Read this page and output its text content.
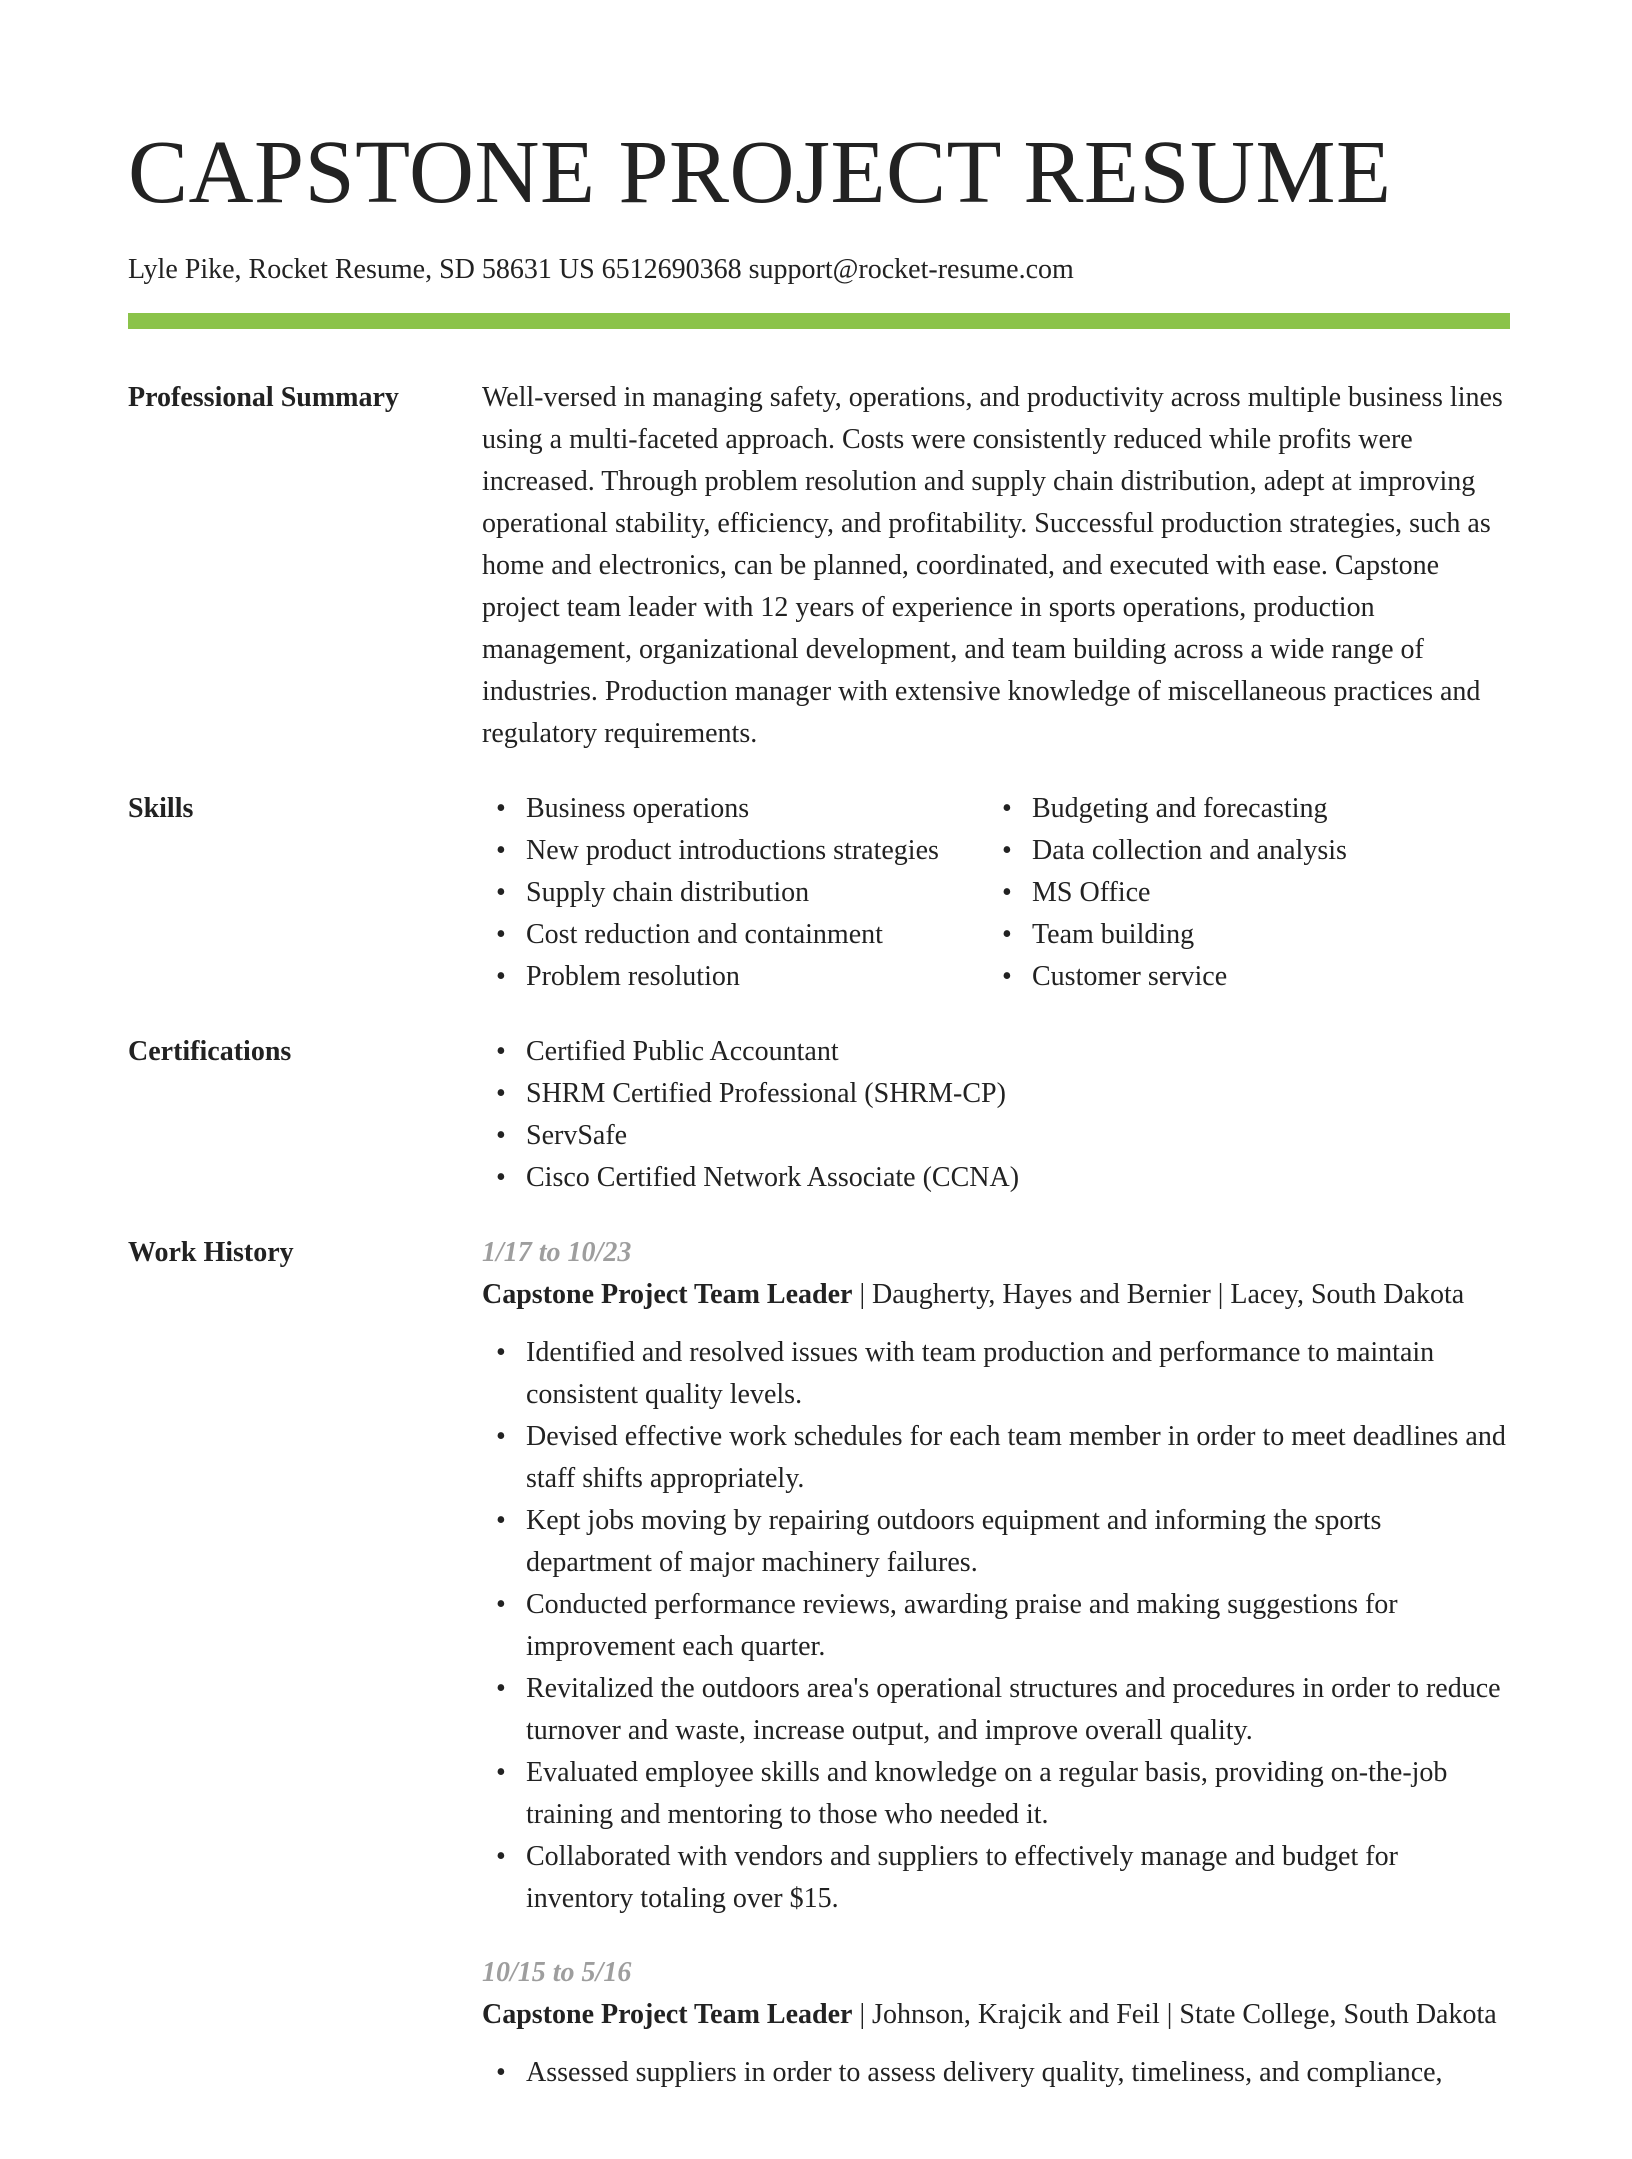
CAPSTONE PROJECT RESUME
Lyle Pike, Rocket Resume, SD 58631 US 6512690368 support@rocket-resume.com
Professional Summary	Well-versed in managing safety, operations, and productivity across multiple business lines using a multi-faceted approach. Costs were consistently reduced while profits were increased. Through problem resolution and supply chain distribution, adept at improving operational stability, efficiency, and profitability. Successful production strategies, such as home and electronics, can be planned, coordinated, and executed with ease. Capstone project team leader with 12 years of experience in sports operations, production management, organizational development, and team building across a wide range of industries. Production manager with extensive knowledge of miscellaneous practices and regulatory requirements.

Skills	• Business operations	• Budgeting and forecasting
• New product introductions strategies	• Data collection and analysis
• Supply chain distribution	• MS Office
• Cost reduction and containment	• Team building
• Problem resolution	• Customer service
Certifications	• Certified Public Accountant
• SHRM Certified Professional (SHRM-CP)
• ServSafe
• Cisco Certified Network Associate (CCNA)
Work History	1/17 to 10/23
Capstone Project Team Leader | Daugherty, Hayes and Bernier | Lacey, South Dakota
• Identified and resolved issues with team production and performance to maintain consistent quality levels.
• Devised effective work schedules for each team member in order to meet deadlines and staff shifts appropriately.
• Kept jobs moving by repairing outdoors equipment and informing the sports department of major machinery failures.
• Conducted performance reviews, awarding praise and making suggestions for improvement each quarter.
• Revitalized the outdoors area's operational structures and procedures in order to reduce turnover and waste, increase output, and improve overall quality.
• Evaluated employee skills and knowledge on a regular basis, providing on-the-job training and mentoring to those who needed it.
• Collaborated with vendors and suppliers to effectively manage and budget for inventory totaling over $15.
10/15 to 5/16
Capstone Project Team Leader | Johnson, Krajcik and Feil | State College, South Dakota
• Assessed suppliers in order to assess delivery quality, timeliness, and compliance,
